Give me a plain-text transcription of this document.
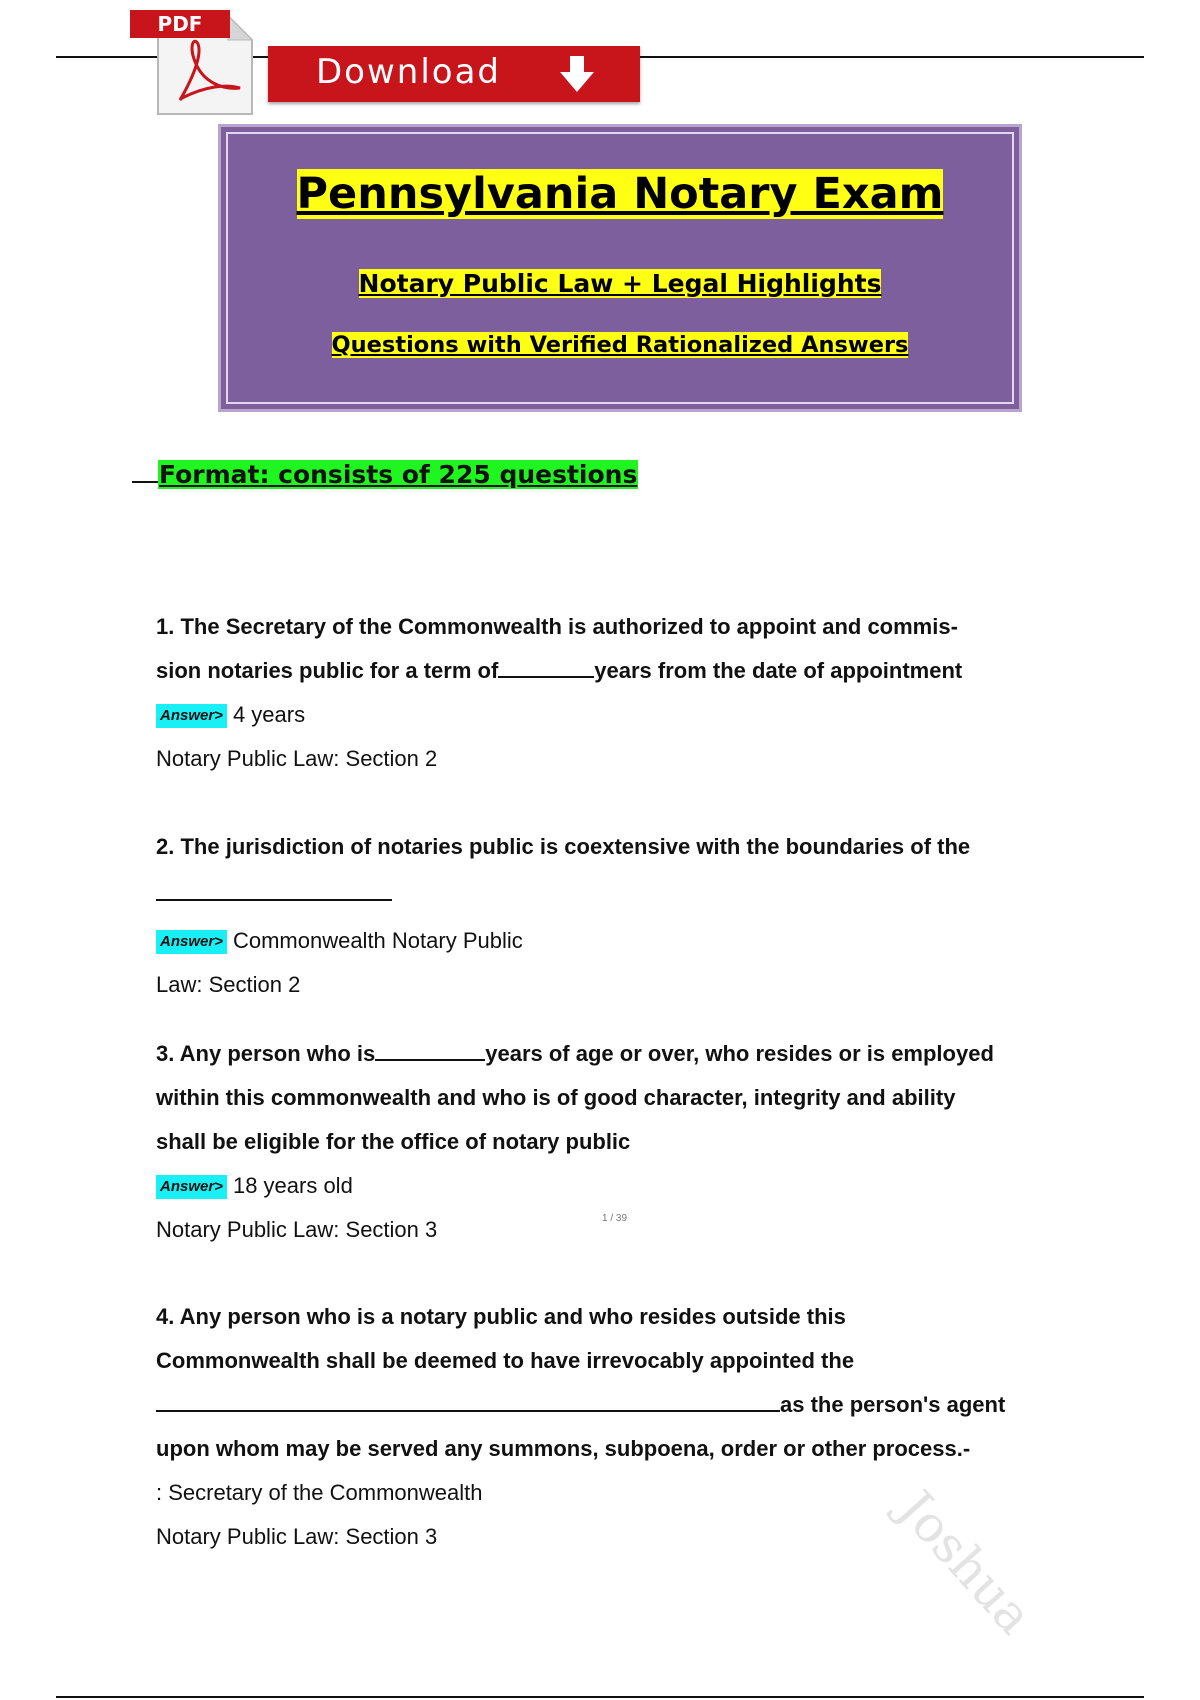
Download
PDF
Pennsylvania Notary Exam
Notary Public Law + Legal Highlights
Questions with Verified Rationalized Answers
Format: consists of 225 questions
1. The Secretary of the Commonwealth is authorized to appoint and commis-
sion notaries public for a term of	years from the date of appointment
Answer> 4 years
Notary Public Law: Section 2
2. The jurisdiction of notaries public is coextensive with the boundaries of the
Answer> Commonwealth Notary Public
Law: Section 2
3. Any person who is	years of age or over, who resides or is employed
within this commonwealth and who is of good character, integrity and ability
shall be eligible for the office of notary public
Answer> 18 years old
Notary Public Law: Section 3	1 / 39
4. Any person who is a notary public and who resides outside this
Commonwealth shall be deemed to have irrevocably appointed the
as the person's agent
upon whom may be served any summons, subpoena, order or other process.-
: Secretary of the Commonwealth
Notary Public Law: Section 3	Joshua
